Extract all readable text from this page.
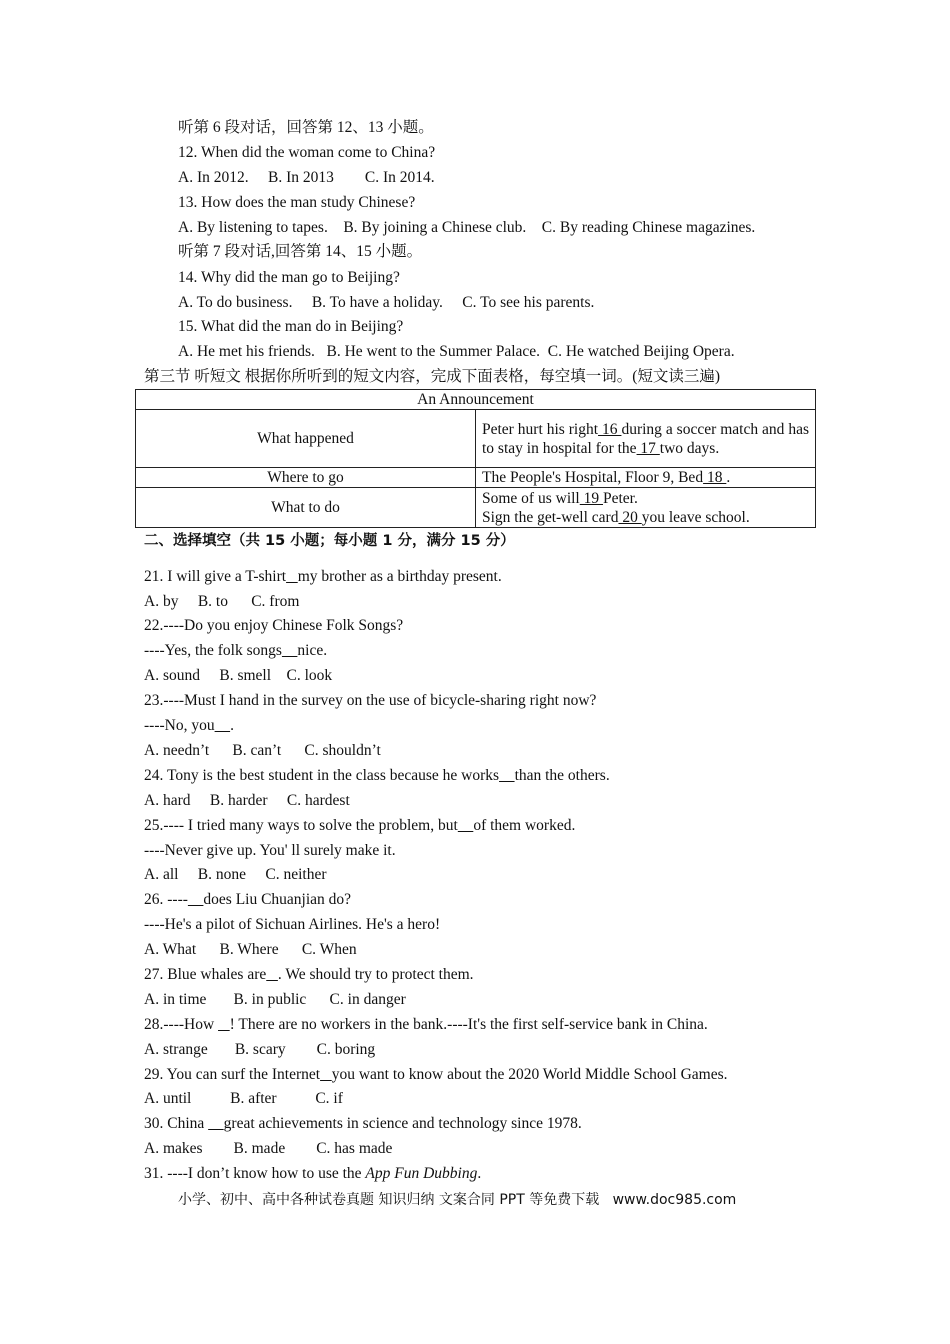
听第 6 段对话，回答第 12、13 小题。
12. When did the woman come to China?
A. In 2012.     B. In 2013        C. In 2014.
13. How does the man study Chinese?
A. By listening to tapes.    B. By joining a Chinese club.    C. By reading Chinese magazines.
听第 7 段对话,回答第 14、15 小题。
14. Why did the man go to Beijing?
A. To do business.     B. To have a holiday.     C. To see his parents.
15. What did the man do in Beijing?
A. He met his friends.   B. He went to the Summer Palace.  C. He watched Beijing Opera.
第三节 听短文 根据你所听到的短文内容，完成下面表格，每空填一词。(短文读三遍)
An Announcement	
What happened	Peter hurt his right 16 during a soccer match and has to stay in hospital for the 17 two days.
Where to go	The People's Hospital, Floor 9, Bed 18 .
What to do	Some of us will 19 Peter.
Sign the get-well card 20 you leave school.
二、选择填空（共 15 小题；每小题 1 分，满分 15 分）
21. I will give a T-shirt my brother as a birthday present.
A. by     B. to      C. from
22.----Do you enjoy Chinese Folk Songs?
----Yes, the folk songs nice.
A. sound     B. smell    C. look
23.----Must I hand in the survey on the use of bicycle-sharing right now?
----No, you .
A. needn’t      B. can’t      C. shouldn’t
24. Tony is the best student in the class because he works than the others.
A. hard     B. harder     C. hardest
25.---- I tried many ways to solve the problem, but of them worked.
----Never give up. You' ll surely make it.
A. all     B. none     C. neither
26. ---- does Liu Chuanjian do?
----He's a pilot of Sichuan Airlines. He's a hero!
A. What      B. Where      C. When
27. Blue whales are . We should try to protect them.
A. in time       B. in public      C. in danger
28.----How    ! There are no workers in the bank.----It's the first self-service bank in China.
A. strange       B. scary        C. boring
29. You can surf the Internet you want to know about the 2020 World Middle School Games.
A. until          B. after          C. if
30. China     great achievements in science and technology since 1978.
A. makes        B. made        C. has made
31. ----I don’t know how to use the App Fun Dubbing.
小学、初中、高中各种试卷真题 知识归纳 文案合同 PPT 等免费下载   www.doc985.com
